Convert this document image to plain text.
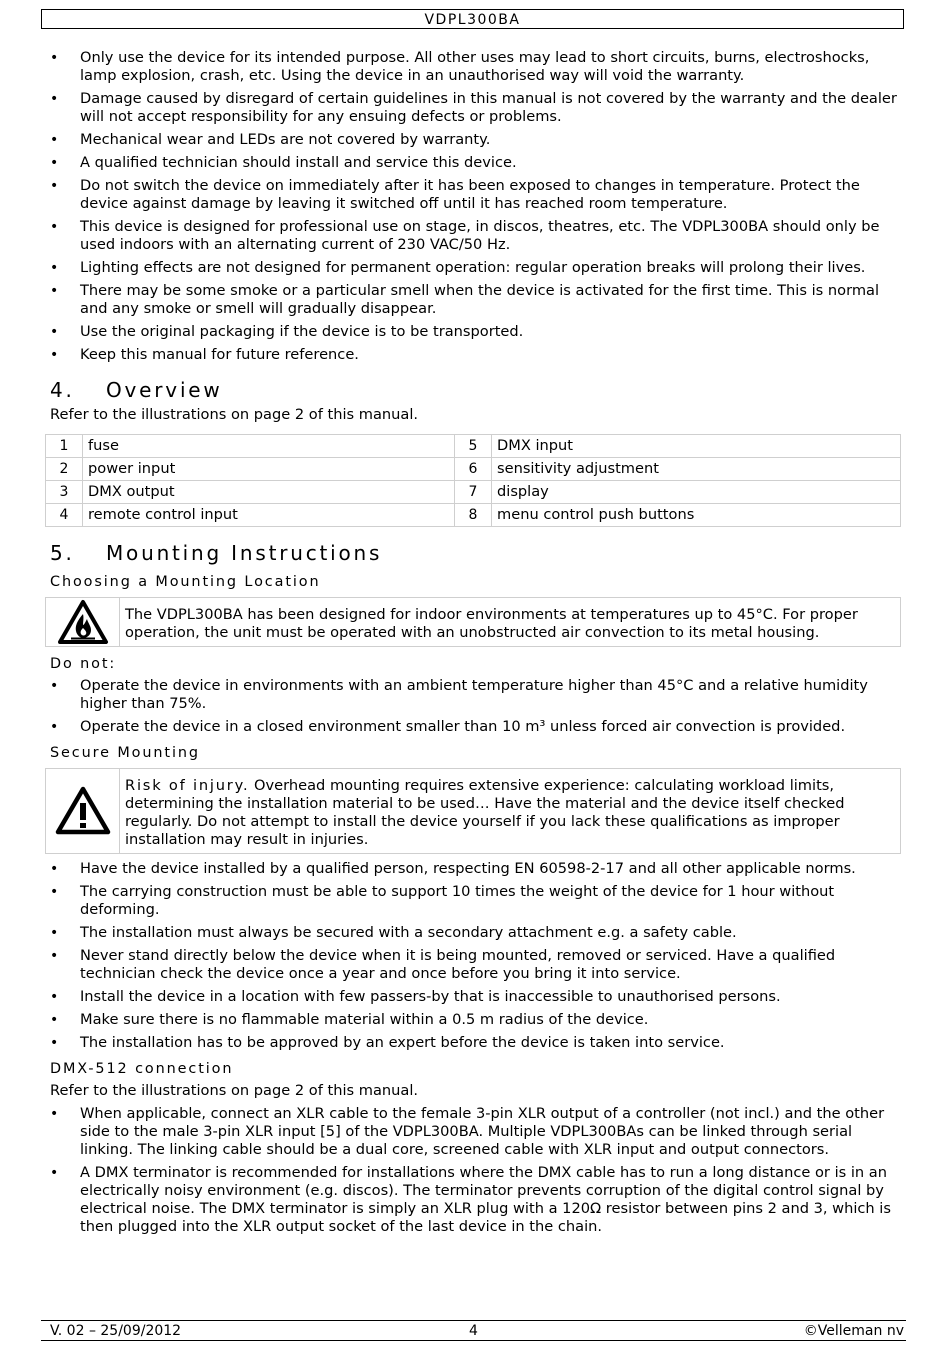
VDPL300BA
• Only use the device for its intended purpose. All other uses may lead to short circuits, burns, electroshocks, lamp explosion, crash, etc. Using the device in an unauthorised way will void the warranty.
• Damage caused by disregard of certain guidelines in this manual is not covered by the warranty and the dealer will not accept responsibility for any ensuing defects or problems.
• Mechanical wear and LEDs are not covered by warranty.
• A qualified technician should install and service this device.
• Do not switch the device on immediately after it has been exposed to changes in temperature. Protect the device against damage by leaving it switched off until it has reached room temperature.
• This device is designed for professional use on stage, in discos, theatres, etc. The VDPL300BA should only be used indoors with an alternating current of 230 VAC/50 Hz.
• Lighting effects are not designed for permanent operation: regular operation breaks will prolong their lives.
• There may be some smoke or a particular smell when the device is activated for the first time. This is normal and any smoke or smell will gradually disappear.
• Use the original packaging if the device is to be transported.
• Keep this manual for future reference.
4. Overview

Refer to the illustrations on page 2 of this manual.

1	fuse	5	DMX input
2	power input	6	sensitivity adjustment
3	DMX output	7	display
4	remote control input	8	menu control push buttons
5. Mounting Instructions
Choosing a Mounting Location
The VDPL300BA has been designed for indoor environments at temperatures up to 45°C. For proper operation, the unit must be operated with an unobstructed air convection to its metal housing.
Do not:
• Operate the device in environments with an ambient temperature higher than 45°C and a relative humidity higher than 75%.
• Operate the device in a closed environment smaller than 10 m³ unless forced air convection is provided.
Secure Mounting
Risk of injury. Overhead mounting requires extensive experience: calculating workload limits, determining the installation material to be used… Have the material and the device itself checked regularly. Do not attempt to install the device yourself if you lack these qualifications as improper installation may result in injuries.
• Have the device installed by a qualified person, respecting EN 60598-2-17 and all other applicable norms.
• The carrying construction must be able to support 10 times the weight of the device for 1 hour without deforming.
• The installation must always be secured with a secondary attachment e.g. a safety cable.
• Never stand directly below the device when it is being mounted, removed or serviced. Have a qualified technician check the device once a year and once before you bring it into service.
• Install the device in a location with few passers-by that is inaccessible to unauthorised persons.
• Make sure there is no flammable material within a 0.5 m radius of the device.
• The installation has to be approved by an expert before the device is taken into service.
DMX-512 connection

Refer to the illustrations on page 2 of this manual.

• When applicable, connect an XLR cable to the female 3-pin XLR output of a controller (not incl.) and the other side to the male 3-pin XLR input [5] of the VDPL300BA. Multiple VDPL300BAs can be linked through serial linking. The linking cable should be a dual core, screened cable with XLR input and output connectors.
• A DMX terminator is recommended for installations where the DMX cable has to run a long distance or is in an electrically noisy environment (e.g. discos). The terminator prevents corruption of the digital control signal by electrical noise. The DMX terminator is simply an XLR plug with a 120Ω resistor between pins 2 and 3, which is then plugged into the XLR output socket of the last device in the chain.
V. 02 – 25/09/2012	4	©Velleman nv
